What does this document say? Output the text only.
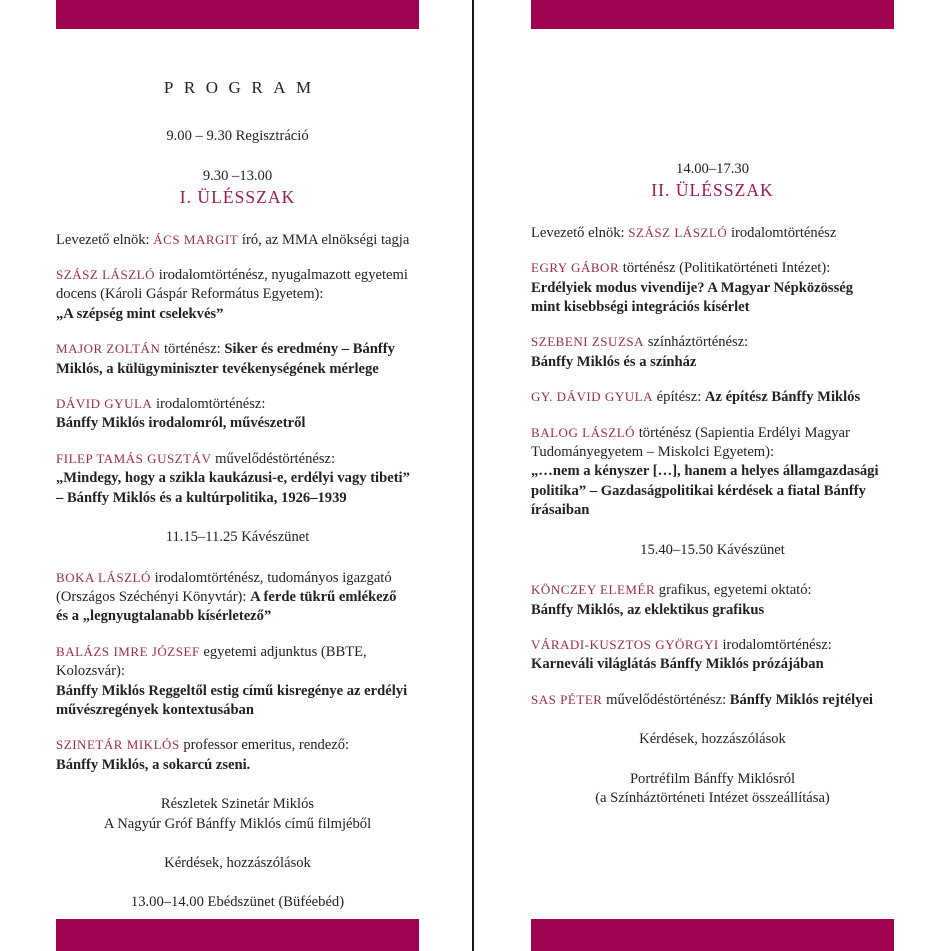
PROGRAM

9.00 – 9.30 Regisztráció

9.30 –13.00

I. ÜLÉSSZAK

Levezető elnök: ÁCS MARGIT író, az MMA elnökségi tagja

SZÁSZ LÁSZLÓ irodalomtörténész, nyugalmazott egyetemi
docens (Károli Gáspár Református Egyetem):
„A szépség mint cselekvés”

MAJOR ZOLTÁN történész: Siker és eredmény – Bánffy
Miklós, a külügyminiszter tevékenységének mérlege

DÁVID GYULA irodalomtörténész:
Bánffy Miklós irodalomról, művészetről

FILEP TAMÁS GUSZTÁV művelődéstörténész:
„Mindegy, hogy a szikla kaukázusi-e, erdélyi vagy tibeti”
– Bánffy Miklós és a kultúrpolitika, 1926–1939

11.15–11.25 Kávészünet

BOKA LÁSZLÓ irodalomtörténész, tudományos igazgató
(Országos Széchényi Könyvtár): A ferde tükrű emlékező
és a „legnyugtalanabb kísérletező”

BALÁZS IMRE JÓZSEF egyetemi adjunktus (BBTE, Kolozsvár):
Bánffy Miklós Reggeltől estig című kisregénye az erdélyi
művészregények kontextusában

SZINETÁR MIKLÓS professor emeritus, rendező:
Bánffy Miklós, a sokarcú zseni.

Részletek Szinetár Miklós
A Nagyúr Gróf Bánffy Miklós című filmjéből

Kérdések, hozzászólások

13.00–14.00 Ebédszünet (Büféebéd)

14.00–17.30

II. ÜLÉSSZAK

Levezető elnök: SZÁSZ LÁSZLÓ irodalomtörténész

EGRY GÁBOR történész (Politikatörténeti Intézet):
Erdélyiek modus vivendije? A Magyar Népközösség
mint kisebbségi integrációs kísérlet

SZEBENI ZSUZSA színháztörténész:
Bánffy Miklós és a színház

GY. DÁVID GYULA építész: Az építész Bánffy Miklós

BALOG LÁSZLÓ történész (Sapientia Erdélyi Magyar
Tudományegyetem – Miskolci Egyetem):
„…nem a kényszer […], hanem a helyes államgazdasági
politika” – Gazdaságpolitikai kérdések a fiatal Bánffy
írásaiban

15.40–15.50 Kávészünet

KÖNCZEY ELEMÉR grafikus, egyetemi oktató:
Bánffy Miklós, az eklektikus grafikus

VÁRADI-KUSZTOS GYÖRGYI irodalomtörténész:
Karneváli világlátás Bánffy Miklós prózájában

SAS PÉTER művelődéstörténész: Bánffy Miklós rejtélyei

Kérdések, hozzászólások

Portréfilm Bánffy Miklósról
(a Színháztörténeti Intézet összeállítása)
